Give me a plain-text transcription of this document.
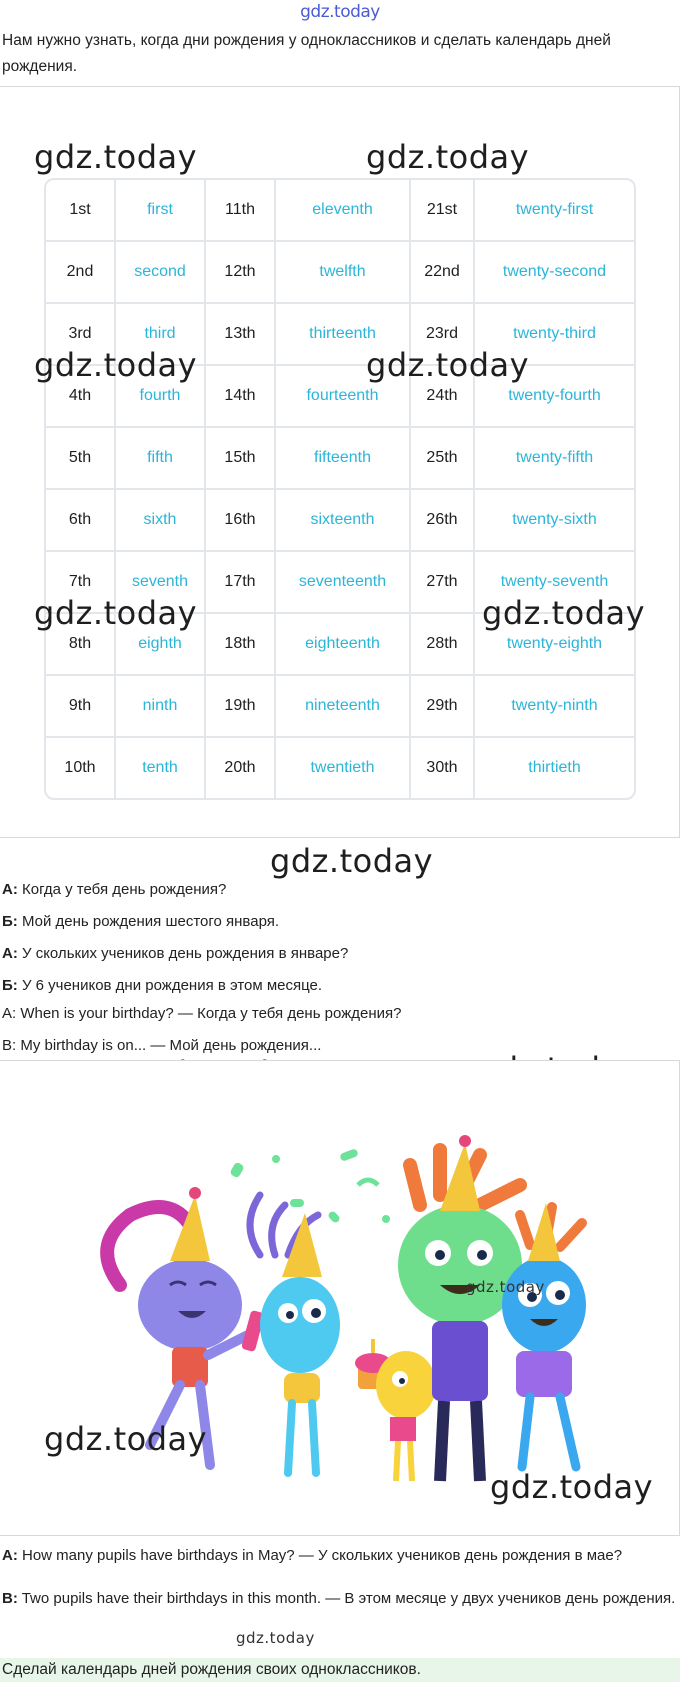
gdz.today
Нам нужно узнать, когда дни рождения у одноклассников и сделать календарь дней рождения.
1st	first	11th	eleventh	21st	twenty-first
2nd	second	12th	twelfth	22nd	twenty-second
3rd	third	13th	thirteenth	23rd	twenty-third
4th	fourth	14th	fourteenth	24th	twenty-fourth
5th	fifth	15th	fifteenth	25th	twenty-fifth
6th	sixth	16th	sixteenth	26th	twenty-sixth
7th	seventh	17th	seventeenth	27th	twenty-seventh
8th	eighth	18th	eighteenth	28th	twenty-eighth
9th	ninth	19th	nineteenth	29th	twenty-ninth
10th	tenth	20th	twentieth	30th	thirtieth
gdz.today	gdz.today
gdz.today	gdz.today
gdz.today	gdz.today
gdz.today
А: Когда у тебя день рождения?
Б: Мой день рождения шестого января.
А: У скольких учеников день рождения в январе?
Б: У 6 учеников дни рождения в этом месяце.
A: When is your birthday? — Когда у тебя день рождения?
B: My birthday is on... — Мой день рождения...
gdz.today
gdz.today
gdz.today
A: How many pupils have birthdays in May? — У скольких учеников день рождения в мае?
B: Two pupils have their birthdays in this month. — В этом месяце у двух учеников день рождения.
gdz.today
Сделай календарь дней рождения своих одноклассников.
